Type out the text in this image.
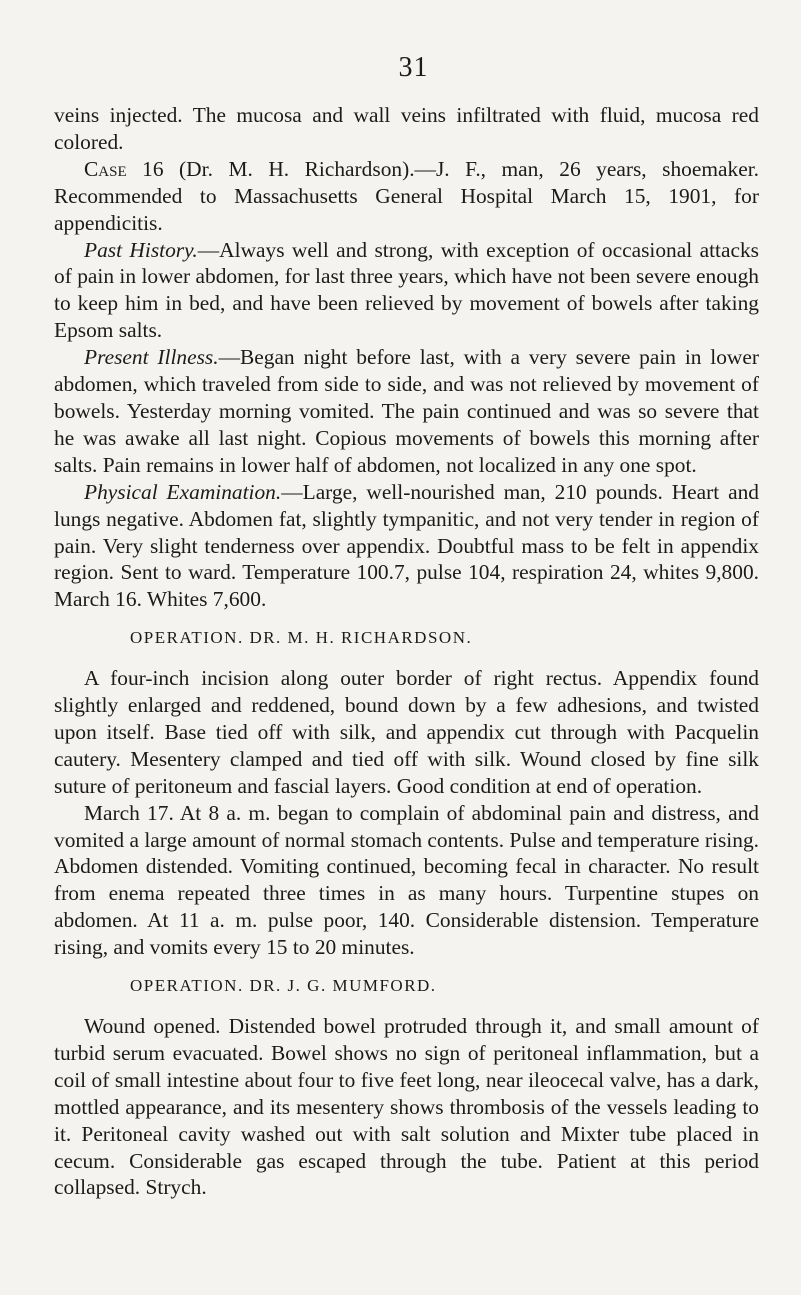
31

veins injected. The mucosa and wall veins infiltrated with fluid, mucosa red colored.

Case 16 (Dr. M. H. Richardson).—J. F., man, 26 years, shoemaker. Recommended to Massachusetts General Hospital March 15, 1901, for appendicitis.

Past History.—Always well and strong, with exception of occasional attacks of pain in lower abdomen, for last three years, which have not been severe enough to keep him in bed, and have been relieved by movement of bowels after taking Epsom salts.

Present Illness.—Began night before last, with a very severe pain in lower abdomen, which traveled from side to side, and was not relieved by movement of bowels. Yesterday morning vomited. The pain continued and was so severe that he was awake all last night. Copious movements of bowels this morning after salts. Pain remains in lower half of abdomen, not localized in any one spot.

Physical Examination.—Large, well-nourished man, 210 pounds. Heart and lungs negative. Abdomen fat, slightly tympanitic, and not very tender in region of pain. Very slight tenderness over appendix. Doubtful mass to be felt in appendix region. Sent to ward. Temperature 100.7, pulse 104, respiration 24, whites 9,800. March 16. Whites 7,600.

OPERATION. DR. M. H. RICHARDSON.

A four-inch incision along outer border of right rectus. Appendix found slightly enlarged and reddened, bound down by a few adhesions, and twisted upon itself. Base tied off with silk, and appendix cut through with Pacquelin cautery. Mesentery clamped and tied off with silk. Wound closed by fine silk suture of peritoneum and fascial layers. Good condition at end of operation.

March 17. At 8 a. m. began to complain of abdominal pain and distress, and vomited a large amount of normal stomach contents. Pulse and temperature rising. Abdomen distended. Vomiting continued, becoming fecal in character. No result from enema repeated three times in as many hours. Turpentine stupes on abdomen. At 11 a. m. pulse poor, 140. Considerable distension. Temperature rising, and vomits every 15 to 20 minutes.

OPERATION. DR. J. G. MUMFORD.

Wound opened. Distended bowel protruded through it, and small amount of turbid serum evacuated. Bowel shows no sign of peritoneal inflammation, but a coil of small intestine about four to five feet long, near ileocecal valve, has a dark, mottled appearance, and its mesentery shows thrombosis of the vessels leading to it. Peritoneal cavity washed out with salt solution and Mixter tube placed in cecum. Considerable gas escaped through the tube. Patient at this period collapsed. Strych.
